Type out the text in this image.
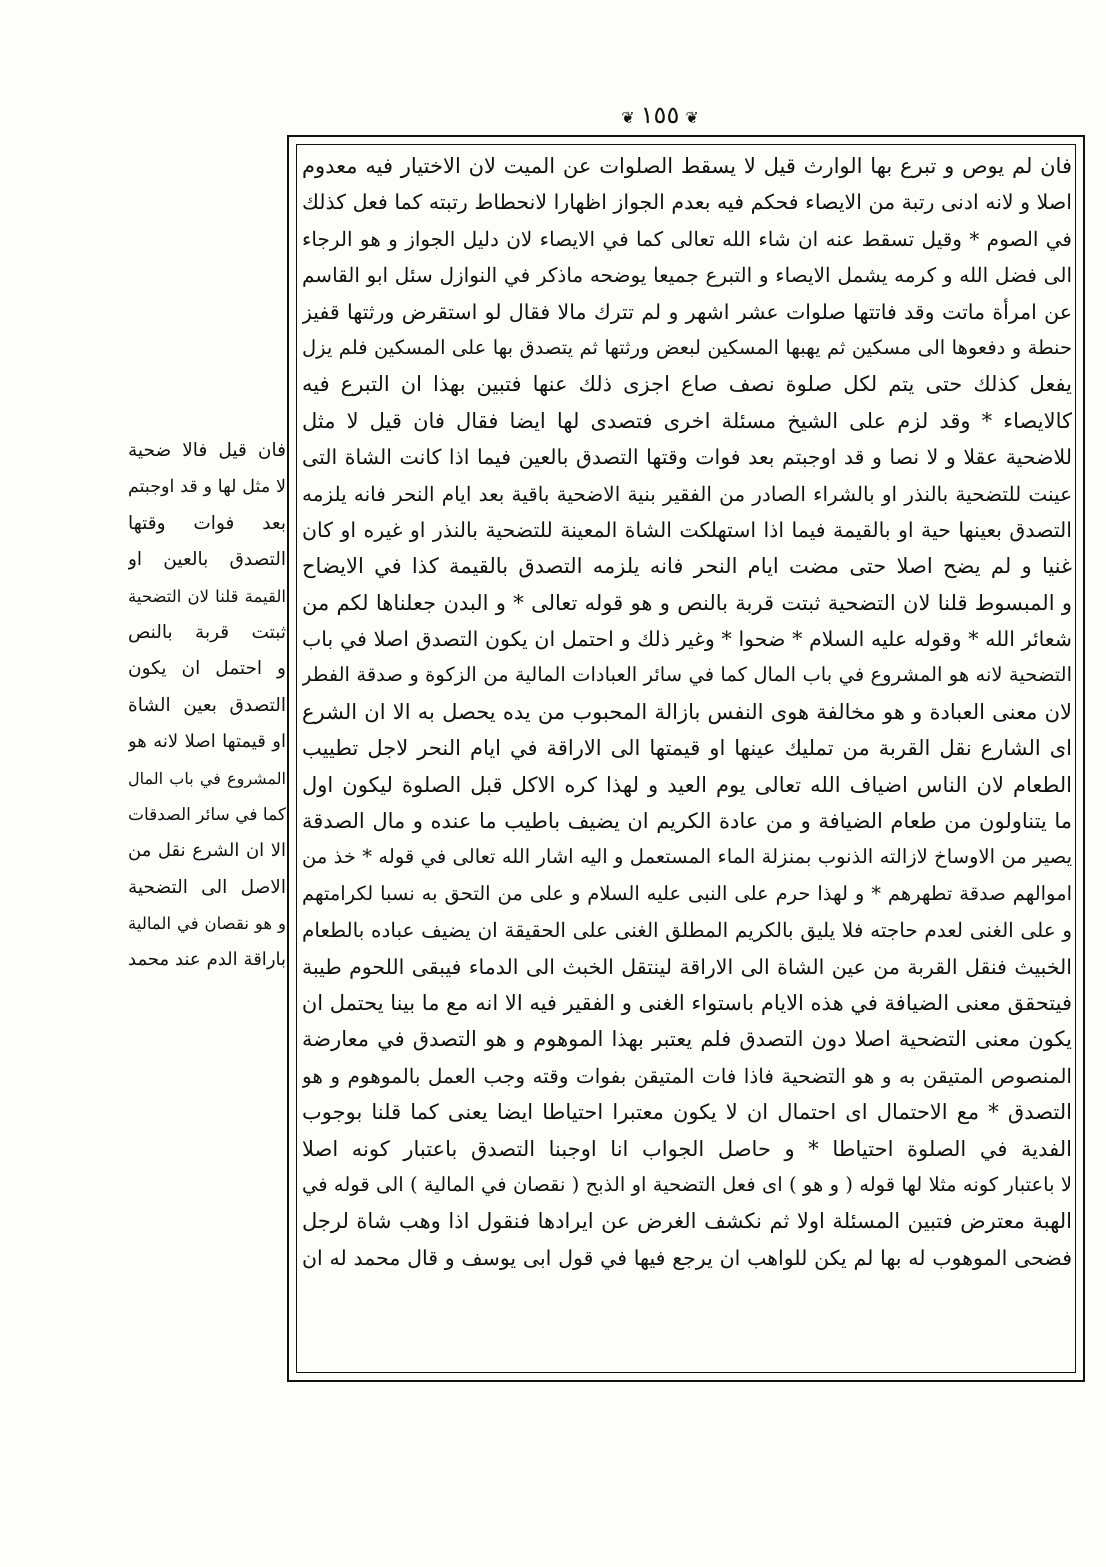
❦ ١٥٥ ❦
فان لم يوص و تبرع بها الوارث قيل لا يسقط الصلوات عن الميت لان الاختيار فيه معدوم
اصلا و لانه ادنى رتبة من الايصاء فحكم فيه بعدم الجواز اظهارا لانحطاط رتبته كما فعل كذلك
في الصوم * وقيل تسقط عنه ان شاء الله تعالى كما في الايصاء لان دليل الجواز و هو الرجاء
الى فضل الله و كرمه يشمل الايصاء و التبرع جميعا يوضحه ماذكر في النوازل سئل ابو القاسم
عن امرأة ماتت وقد فاتتها صلوات عشر اشهر و لم تترك مالا فقال لو استقرض ورثتها قفيز
حنطة و دفعوها الى مسكين ثم يهبها المسكين لبعض ورثتها ثم يتصدق بها على المسكين فلم يزل
يفعل كذلك حتى يتم لكل صلوة نصف صاع اجزى ذلك عنها فتبين بهذا ان التبرع فيه
كالايصاء * وقد لزم على الشيخ مسئلة اخرى فتصدى لها ايضا فقال فان قيل لا مثل
للاضحية عقلا و لا نصا و قد اوجبتم بعد فوات وقتها التصدق بالعين فيما اذا كانت الشاة التى
عينت للتضحية بالنذر او بالشراء الصادر من الفقير بنية الاضحية باقية بعد ايام النحر فانه يلزمه
التصدق بعينها حية او بالقيمة فيما اذا استهلكت الشاة المعينة للتضحية بالنذر او غيره او كان
غنيا و لم يضح اصلا حتى مضت ايام النحر فانه يلزمه التصدق بالقيمة كذا في الايضاح
و المبسوط قلنا لان التضحية ثبتت قربة بالنص و هو قوله تعالى * و البدن جعلناها لكم من
شعائر الله * وقوله عليه السلام * ضحوا * وغير ذلك و احتمل ان يكون التصدق اصلا في باب
التضحية لانه هو المشروع في باب المال كما في سائر العبادات المالية من الزكوة و صدقة الفطر
لان معنى العبادة و هو مخالفة هوى النفس بازالة المحبوب من يده يحصل به الا ان الشرع
اى الشارع نقل القربة من تمليك عينها او قيمتها الى الاراقة في ايام النحر لاجل تطييب
الطعام لان الناس اضياف الله تعالى يوم العيد و لهذا كره الاكل قبل الصلوة ليكون اول
ما يتناولون من طعام الضيافة و من عادة الكريم ان يضيف باطيب ما عنده و مال الصدقة
يصير من الاوساخ لازالته الذنوب بمنزلة الماء المستعمل و اليه اشار الله تعالى في قوله * خذ من
اموالهم صدقة تطهرهم * و لهذا حرم على النبى عليه السلام و على من التحق به نسبا لكرامتهم
و على الغنى لعدم حاجته فلا يليق بالكريم المطلق الغنى على الحقيقة ان يضيف عباده بالطعام
الخبيث فنقل القربة من عين الشاة الى الاراقة لينتقل الخبث الى الدماء فيبقى اللحوم طيبة
فيتحقق معنى الضيافة في هذه الايام باستواء الغنى و الفقير فيه الا انه مع ما بينا يحتمل ان
يكون معنى التضحية اصلا دون التصدق فلم يعتبر بهذا الموهوم و هو التصدق في معارضة
المنصوص المتيقن به و هو التضحية فاذا فات المتيقن بفوات وقته وجب العمل بالموهوم و هو
التصدق * مع الاحتمال اى احتمال ان لا يكون معتبرا احتياطا ايضا يعنى كما قلنا بوجوب
الفدية في الصلوة احتياطا * و حاصل الجواب انا اوجبنا التصدق باعتبار كونه اصلا
لا باعتبار كونه مثلا لها قوله ( و هو ) اى فعل التضحية او الذبح ( نقصان في المالية ) الى قوله في
الهبة معترض فتبين المسئلة اولا ثم نكشف الغرض عن ايرادها فنقول اذا وهب شاة لرجل
فضحى الموهوب له بها لم يكن للواهب ان يرجع فيها في قول ابى يوسف و قال محمد له ان
فان قيل فالا ضحية
لا مثل لها و قد اوجبتم
بعد فوات وقتها
التصدق بالعين او
القيمة قلنا لان التضحية
ثبتت قربة بالنص
و احتمل ان يكون
التصدق بعين الشاة
او قيمتها اصلا لانه هو
المشروع في باب المال
كما في سائر الصدقات
الا ان الشرع نقل من
الاصل الى التضحية
و هو نقصان في المالية
باراقة الدم عند محمد
